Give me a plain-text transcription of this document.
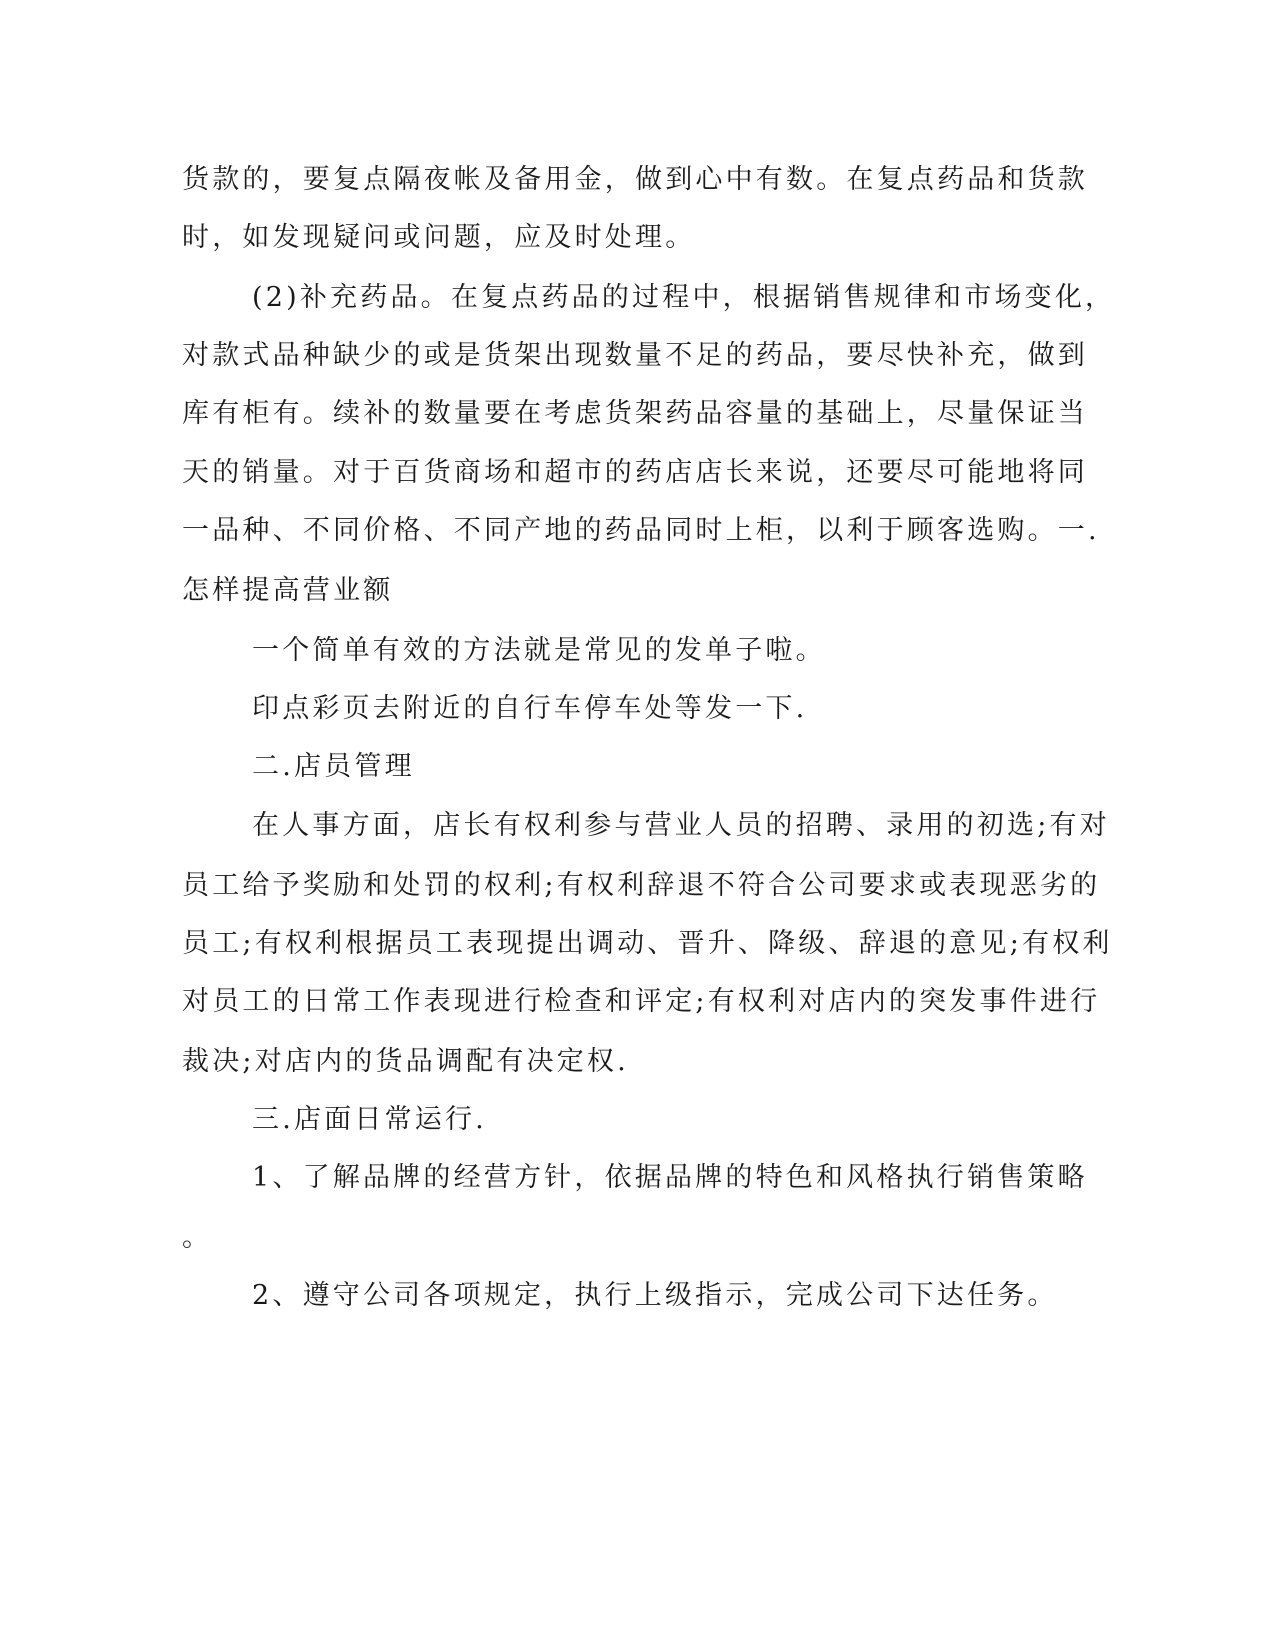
货款的，要复点隔夜帐及备用金，做到心中有数。在复点药品和货款
时，如发现疑问或问题，应及时处理。
(2)补充药品。在复点药品的过程中，根据销售规律和市场变化，
对款式品种缺少的或是货架出现数量不足的药品，要尽快补充，做到
库有柜有。续补的数量要在考虑货架药品容量的基础上，尽量保证当
天的销量。对于百货商场和超市的药店店长来说，还要尽可能地将同
一品种、不同价格、不同产地的药品同时上柜，以利于顾客选购。一.
怎样提高营业额
一个简单有效的方法就是常见的发单子啦。
印点彩页去附近的自行车停车处等发一下.
二.店员管理
在人事方面，店长有权利参与营业人员的招聘、录用的初选;有对
员工给予奖励和处罚的权利;有权利辞退不符合公司要求或表现恶劣的
员工;有权利根据员工表现提出调动、晋升、降级、辞退的意见;有权利
对员工的日常工作表现进行检查和评定;有权利对店内的突发事件进行
裁决;对店内的货品调配有决定权.
三.店面日常运行.
1、了解品牌的经营方针，依据品牌的特色和风格执行销售策略
。
2、遵守公司各项规定，执行上级指示，完成公司下达任务。
